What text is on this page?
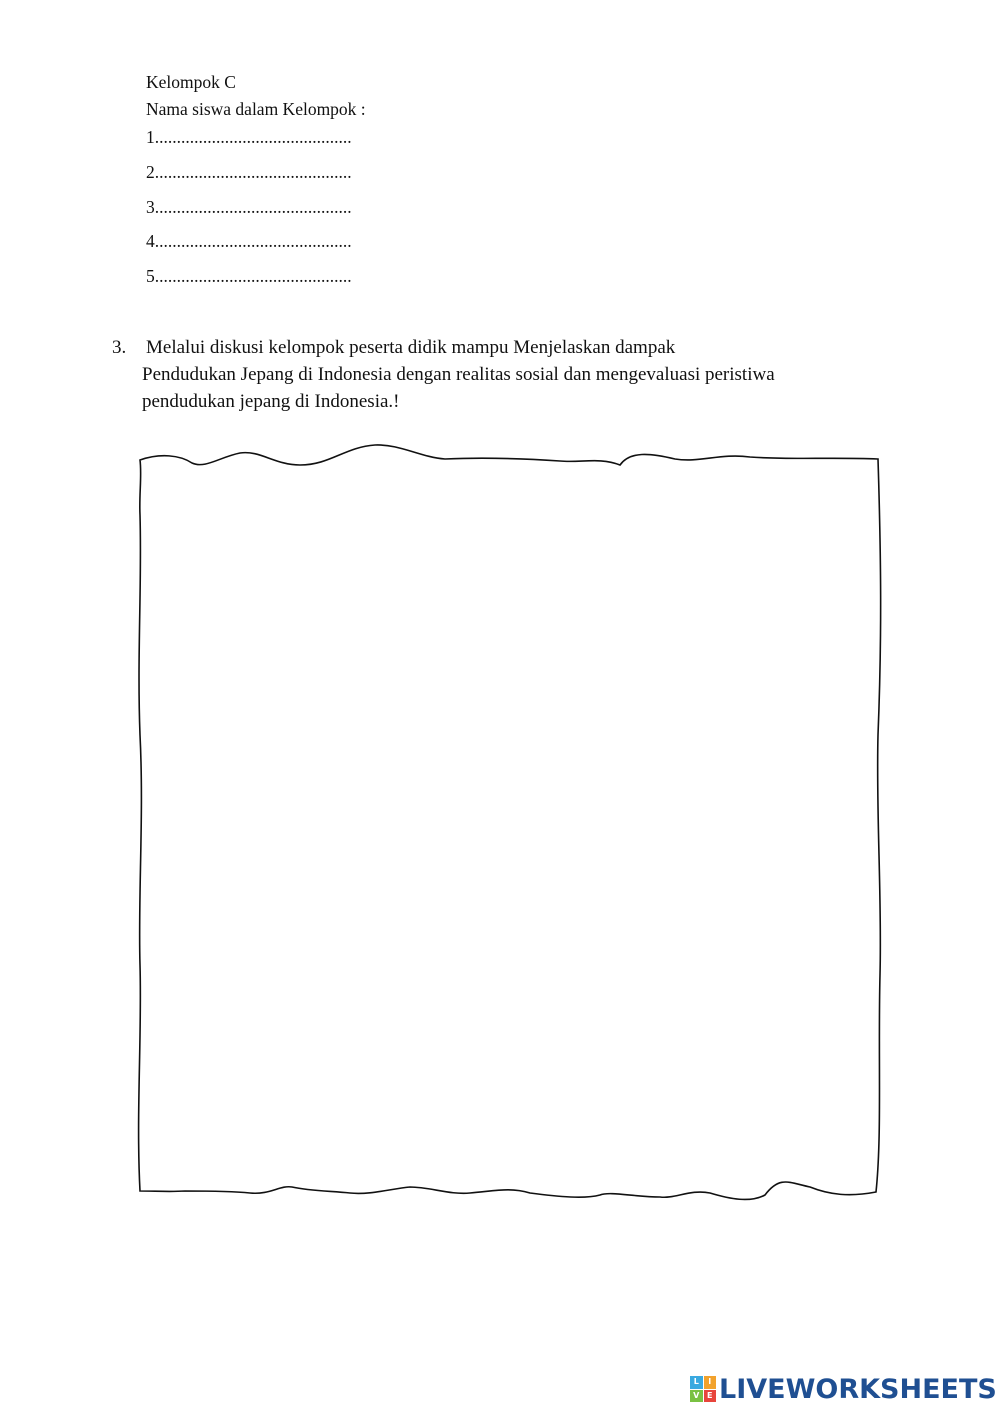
Kelompok C
Nama siswa dalam Kelompok :
1.............................................
2.............................................
3.............................................
4.............................................
5.............................................
3. Melalui diskusi kelompok peserta didik mampu Menjelaskan dampak
Pendudukan Jepang di Indonesia dengan realitas sosial dan mengevaluasi peristiwa
pendudukan jepang di Indonesia.!
L	I
V E LIVEWORKSHEETS
